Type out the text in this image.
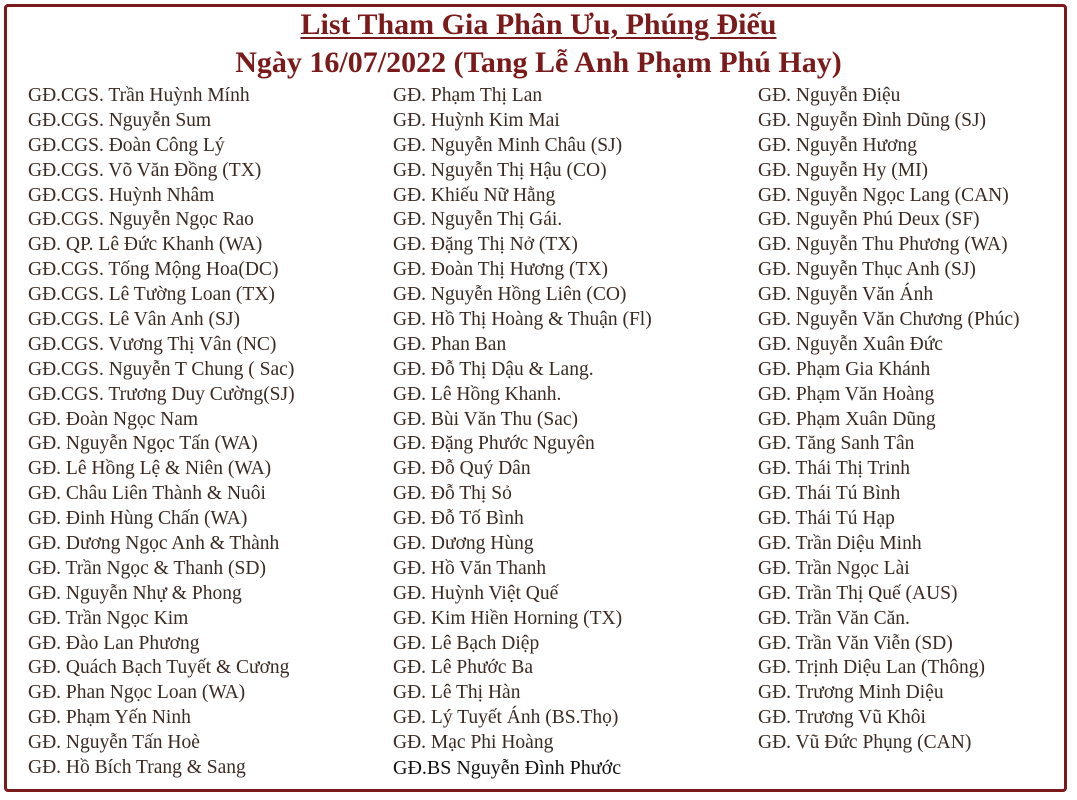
List Tham Gia Phân Ưu, Phúng Điếu
Ngày 16/07/2022 (Tang Lễ Anh Phạm Phú Hay)
GĐ.CGS. Trần Huỳnh Mính
GĐ.CGS. Nguyễn Sum
GĐ.CGS. Đoàn Công Lý
GĐ.CGS. Võ Văn Đồng (TX)
GĐ.CGS. Huỳnh Nhâm
GĐ.CGS. Nguyễn Ngọc Rao
GĐ. QP. Lê Đức Khanh (WA)
GĐ.CGS. Tống Mộng Hoa(DC)
GĐ.CGS. Lê Tường Loan (TX)
GĐ.CGS. Lê Vân Anh (SJ)
GĐ.CGS. Vương Thị Vân (NC)
GĐ.CGS. Nguyễn T Chung ( Sac)
GĐ.CGS. Trương Duy Cường(SJ)
GĐ. Đoàn Ngọc Nam
GĐ. Nguyễn Ngọc Tấn (WA)
GĐ. Lê Hồng Lệ & Niên (WA)
GĐ. Châu Liên Thành & Nuôi
GĐ. Đinh Hùng Chấn (WA)
GĐ. Dương Ngọc Anh & Thành
GĐ. Trần Ngọc & Thanh (SD)
GĐ. Nguyễn Nhự & Phong
GĐ. Trần Ngọc Kim
GĐ. Đào Lan Phương
GĐ. Quách Bạch Tuyết & Cương
GĐ. Phan Ngọc Loan (WA)
GĐ. Phạm Yến Ninh
GĐ. Nguyễn Tấn Hoè
GĐ. Hồ Bích Trang & Sang
GĐ. Phạm Thị Lan
GĐ. Huỳnh Kim Mai
GĐ. Nguyễn Minh Châu (SJ)
GĐ. Nguyễn Thị Hậu (CO)
GĐ. Khiếu Nữ Hằng
GĐ. Nguyễn Thị Gái.
GĐ. Đặng Thị Nở (TX)
GĐ. Đoàn Thị Hương (TX)
GĐ. Nguyễn Hồng Liên (CO)
GĐ. Hồ Thị Hoàng & Thuận (Fl)
GĐ. Phan Ban
GĐ. Đỗ Thị Dậu & Lang.
GĐ. Lê Hồng Khanh.
GĐ. Bùi Văn Thu (Sac)
GĐ. Đặng Phước Nguyên
GĐ. Đỗ Quý Dân
GĐ. Đỗ Thị Sỏ
GĐ. Đỗ Tố Bình
GĐ. Dương Hùng
GĐ. Hồ Văn Thanh
GĐ. Huỳnh Việt Quế
GĐ. Kim Hiền Horning (TX)
GĐ. Lê Bạch Diệp
GĐ. Lê Phước Ba
GĐ. Lê Thị Hàn
GĐ. Lý Tuyết Ánh (BS.Thọ)
GĐ. Mạc Phi Hoàng
GĐ.BS Nguyễn Đình Phước
GĐ. Nguyễn Điệu
GĐ. Nguyễn Đình Dũng (SJ)
GĐ. Nguyễn Hương
GĐ. Nguyễn Hy (MI)
GĐ. Nguyễn Ngọc Lang (CAN)
GĐ. Nguyễn Phú Deux (SF)
GĐ. Nguyễn Thu Phương (WA)
GĐ. Nguyễn Thục Anh (SJ)
GĐ. Nguyễn Văn Ánh
GĐ. Nguyễn Văn Chương (Phúc)
GĐ. Nguyễn Xuân Đức
GĐ. Phạm Gia Khánh
GĐ. Phạm Văn Hoàng
GĐ. Phạm Xuân Dũng
GĐ. Tăng Sanh Tân
GĐ. Thái Thị Trinh
GĐ. Thái Tú Bình
GĐ. Thái Tú Hạp
GĐ. Trần Diệu Minh
GĐ. Trần Ngọc Lài
GĐ. Trần Thị Quế (AUS)
GĐ. Trần Văn Căn.
GĐ. Trần Văn Viễn (SD)
GĐ. Trịnh Diệu Lan (Thông)
GĐ. Trương Minh Diệu
GĐ. Trương Vũ Khôi
GĐ. Vũ Đức Phụng (CAN)
